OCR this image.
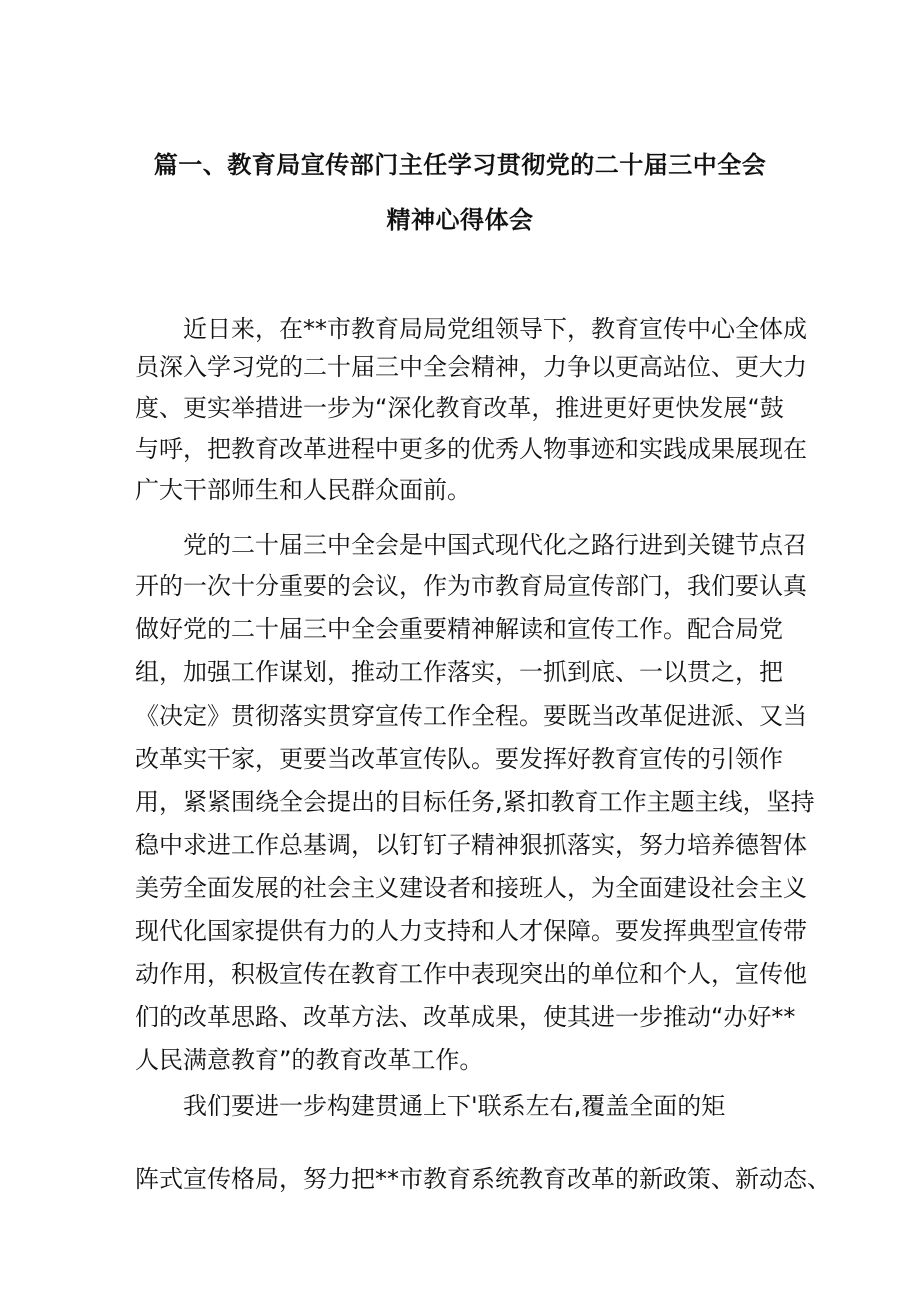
篇一、教育局宣传部门主任学习贯彻党的二十届三中全会
精神心得体会
近日来，在**市教育局局党组领导下，教育宣传中心全体成
员深入学习党的二十届三中全会精神，力争以更高站位、更大力
度、更实举措进一步为“深化教育改革，推进更好更快发展“鼓
与呼，把教育改革进程中更多的优秀人物事迹和实践成果展现在
广大干部师生和人民群众面前。
党的二十届三中全会是中国式现代化之路行进到关键节点召
开的一次十分重要的会议，作为市教育局宣传部门，我们要认真
做好党的二十届三中全会重要精神解读和宣传工作。配合局党
组，加强工作谋划，推动工作落实，一抓到底、一以贯之，把
《决定》贯彻落实贯穿宣传工作全程。要既当改革促进派、又当
改革实干家，更要当改革宣传队。要发挥好教育宣传的引领作
用，紧紧围绕全会提出的目标任务,紧扣教育工作主题主线，坚持
稳中求进工作总基调，以钉钉子精神狠抓落实，努力培养德智体
美劳全面发展的社会主义建设者和接班人，为全面建设社会主义
现代化国家提供有力的人力支持和人才保障。要发挥典型宣传带
动作用，积极宣传在教育工作中表现突出的单位和个人，宣传他
们的改革思路、改革方法、改革成果，使其进一步推动“办好**
人民满意教育”的教育改革工作。
我们要进一步构建贯通上下'联系左右,覆盖全面的矩
阵式宣传格局，努力把**市教育系统教育改革的新政策、新动态、
